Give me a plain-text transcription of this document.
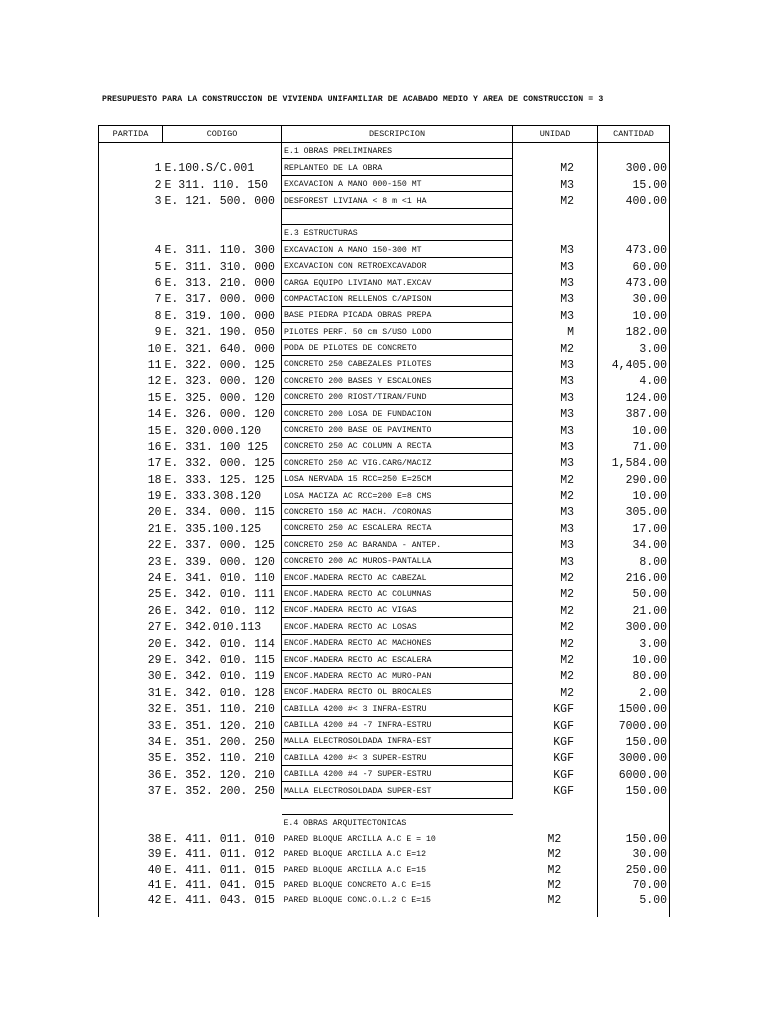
PRESUPUESTO PARA LA CONSTRUCCION DE VIVIENDA UNIFAMILIAR DE ACABADO MEDIO Y AREA DE CONSTRUCCION = 3
PARTIDA	CODIGO	DESCRIPCION	UNIDAD	CANTIDAD
		E.1 OBRAS PRELIMINARES		
1	E.100.S/C.001	REPLANTEO DE LA OBRA	M2	300.00
2	E 311. 110. 150	EXCAVACION A MANO 000-150 MT	M3	15.00
3	E. 121. 500. 000	DESFOREST LIVIANA < 8 m <1 HA	M2	400.00

		E.3 ESTRUCTURAS		
4	E. 311. 110. 300	EXCAVACION A MANO 150-300 MT	M3	473.00
5	E. 311. 310. 000	EXCAVACION CON RETROEXCAVADOR	M3	60.00
6	E. 313. 210. 000	CARGA EQUIPO LIVIANO MAT.EXCAV	M3	473.00
7	E. 317. 000. 000	COMPACTACION RELLENOS C/APISON	M3	30.00
8	E. 319. 100. 000	BASE PIEDRA PICADA OBRAS PREPA	M3	10.00
9	E. 321. 190. 050	PILOTES PERF. 50 cm S/USO LODO	M	182.00
10	E. 321. 640. 000	PODA DE PILOTES DE CONCRETO	M2	3.00
11	E. 322. 000. 125	CONCRETO 250 CABEZALES PILOTES	M3	4,405.00
12	E. 323. 000. 120	CONCRETO 200 BASES Y ESCALONES	M3	4.00
15	E. 325. 000. 120	CONCRETO 200 RIOST/TIRAN/FUND	M3	124.00
14	E. 326. 000. 120	CONCRETO 200 LOSA DE FUNDACION	M3	387.00
15	E. 320.000.120	CONCRETO 200 BASE OE PAVIMENTO	M3	10.00
16	E. 331. 100 125	CONCRETO 250 AC COLUMN A RECTA	M3	71.00
17	E. 332. 000. 125	CONCRETO 250 AC VIG.CARG/MACIZ	M3	1,584.00
18	E. 333. 125. 125	LOSA NERVADA 15 RCC=250 E=25CM	M2	290.00
19	E. 333.308.120	LOSA MACIZA AC RCC=200 E=8 CMS	M2	10.00
20	E. 334. 000. 115	CONCRETO 150 AC MACH. /CORONAS	M3	305.00
21	E. 335.100.125	CONCRETO 250 AC ESCALERA RECTA	M3	17.00
22	E. 337. 000. 125	CONCRETO 250 AC BARANDA - ANTEP.	M3	34.00
23	E. 339. 000. 120	CONCRETO 200 AC MUROS-PANTALLA	M3	8.00
24	E. 341. 010. 110	ENCOF.MADERA RECTO AC CABEZAL	M2	216.00
25	E. 342. 010. 111	ENCOF.MADERA RECTO AC COLUMNAS	M2	50.00
26	E. 342. 010. 112	ENCOF.MADERA RECTO AC VIGAS	M2	21.00
27	E. 342.010.113	ENCOF.MADERA RECTO AC LOSAS	M2	300.00
20	E. 342. 010. 114	ENCOF.MADERA RECTO AC MACHONES	M2	3.00
29	E. 342. 010. 115	ENCOF.MADERA RECTO AC ESCALERA	M2	10.00
30	E. 342. 010. 119	ENCOF.MADERA RECTO AC MURO-PAN	M2	80.00
31	E. 342. 010. 128	ENCOF.MADERA RECTO OL BROCALES	M2	2.00
32	E. 351. 110. 210	CABILLA 4200 #< 3 INFRA-ESTRU	KGF	1500.00
33	E. 351. 120. 210	CABILLA 4200 #4 -7 INFRA-ESTRU	KGF	7000.00
34	E. 351. 200. 250	MALLA ELECTROSOLDADA INFRA-EST	KGF	150.00
35	E. 352. 110. 210	CABILLA 4200 #< 3 SUPER-ESTRU	KGF	3000.00
36	E. 352. 120. 210	CABILLA 4200 #4 -7 SUPER-ESTRU	KGF	6000.00
37	E. 352. 200. 250	MALLA ELECTROSOLDADA SUPER-EST	KGF	150.00

		E.4 OBRAS ARQUITECTONICAS		
38	E. 411. 011. 010	PARED BLOQUE ARCILLA A.C E = 10	M2	150.00
39	E. 411. 011. 012	PARED BLOQUE ARCILLA A.C E=12	M2	30.00
40	E. 411. 011. 015	PARED BLOQUE ARCILLA A.C E=15	M2	250.00
41	E. 411. 041. 015	PARED BLOQUE CONCRETO A.C E=15	M2	70.00
42	E. 411. 043. 015	PARED BLOQUE CONC.O.L.2 C E=15	M2	5.00
